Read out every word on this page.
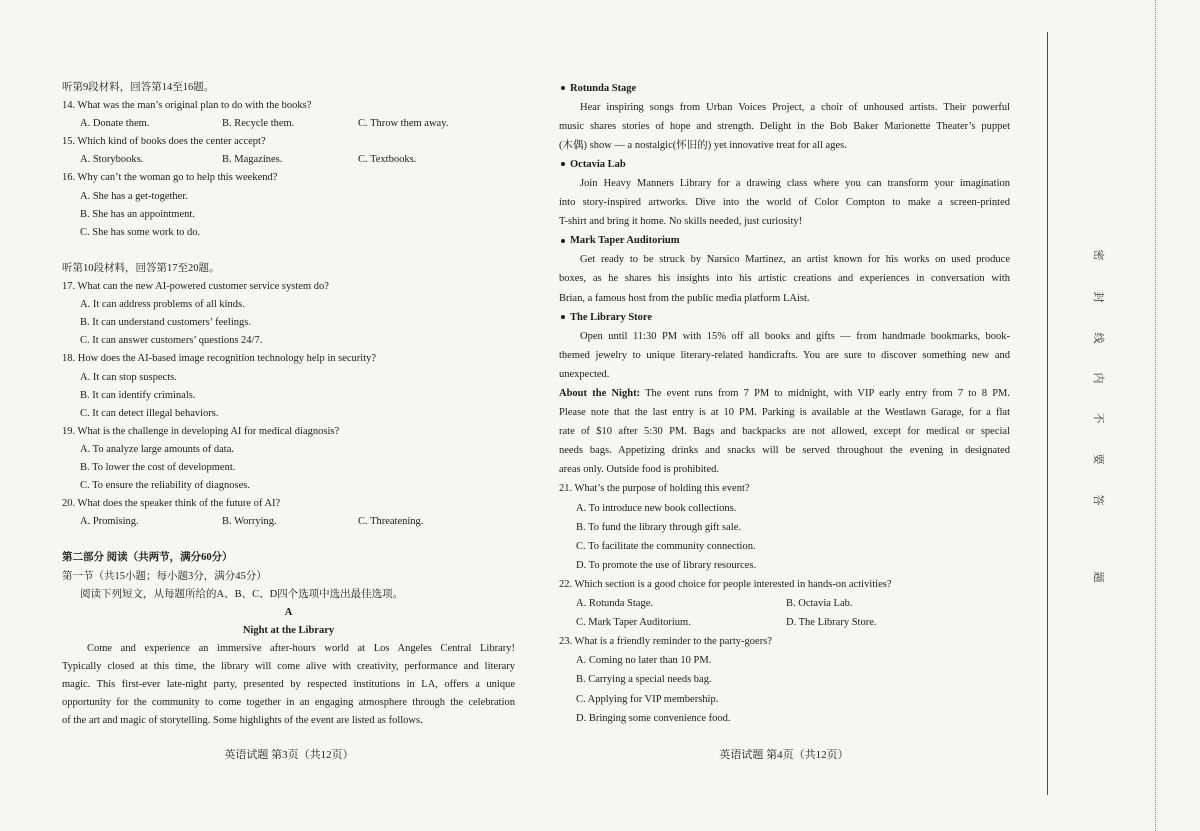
听第9段材料，回答第14至16题。
14. What was the man’s original plan to do with the books?
A. Donate them.	B. Recycle them.	C. Throw them away.
15. Which kind of books does the center accept?
A. Storybooks.	B. Magazines.	C. Textbooks.
16. Why can’t the woman go to help this weekend?
A. She has a get-together.
B. She has an appointment.
C. She has some work to do.
听第10段材料，回答第17至20题。
17. What can the new AI-powered customer service system do?
A. It can address problems of all kinds.
B. It can understand customers’ feelings.
C. It can answer customers’ questions 24/7.
18. How does the AI-based image recognition technology help in security?
A. It can stop suspects.
B. It can identify criminals.
C. It can detect illegal behaviors.
19. What is the challenge in developing AI for medical diagnosis?
A. To analyze large amounts of data.
B. To lower the cost of development.
C. To ensure the reliability of diagnoses.
20. What does the speaker think of the future of AI?
A. Promising.	B. Worrying.	C. Threatening.
第二部分 阅读（共两节，满分60分）
第一节（共15小题；每小题3分，满分45分）
阅读下列短文，从每题所给的A、B、C、D四个选项中选出最佳选项。
A
Night at the Library
Come and experience an immersive after-hours world at Los Angeles Central Library!
Typically closed at this time, the library will come alive with creativity, performance and literary
magic. This first-ever late-night party, presented by respected institutions in LA, offers a unique
opportunity for the community to come together in an engaging atmosphere through the celebration
of the art and magic of storytelling. Some highlights of the event are listed as follows.
Rotunda Stage
Hear inspiring songs from Urban Voices Project, a choir of unhoused artists. Their powerful
music shares stories of hope and strength. Delight in the Bob Baker Marionette Theater’s puppet
(木偶) show — a nostalgic(怀旧的) yet innovative treat for all ages.
Octavia Lab
Join Heavy Manners Library for a drawing class where you can transform your imagination
into story-inspired artworks. Dive into the world of Color Compton to make a screen-printed
T-shirt and bring it home. No skills needed, just curiosity!
Mark Taper Auditorium
Get ready to be struck by Narsico Martinez, an artist known for his works on used produce
boxes, as he shares his insights into his artistic creations and experiences in conversation with
Brian, a famous host from the public media platform LAist.
The Library Store
Open until 11:30 PM with 15% off all books and gifts — from handmade bookmarks, book-
themed jewelry to unique literary-related handicrafts. You are sure to discover something new and
unexpected.
About the Night: The event runs from 7 PM to midnight, with VIP early entry from 7 to 8 PM.
Please note that the last entry is at 10 PM. Parking is available at the Westlawn Garage, for a flat
rate of $10 after 5:30 PM. Bags and backpacks are not allowed, except for medical or special
needs bags. Appetizing drinks and snacks will be served throughout the evening in designated
areas only. Outside food is prohibited.
21. What’s the purpose of holding this event?
A. To introduce new book collections.
B. To fund the library through gift sale.
C. To facilitate the community connection.
D. To promote the use of library resources.
22. Which section is a good choice for people interested in hands-on activities?
A. Rotunda Stage.	B. Octavia Lab.
C. Mark Taper Auditorium.	D. The Library Store.
23. What is a friendly reminder to the party-goers?
A. Coming no later than 10 PM.
B. Carrying a special needs bag.
C. Applying for VIP membership.
D. Bringing some convenience food.
英语试题 第3页（共12页）	英语试题 第4页（共12页）
密
封
线
内
不
要
答
题
